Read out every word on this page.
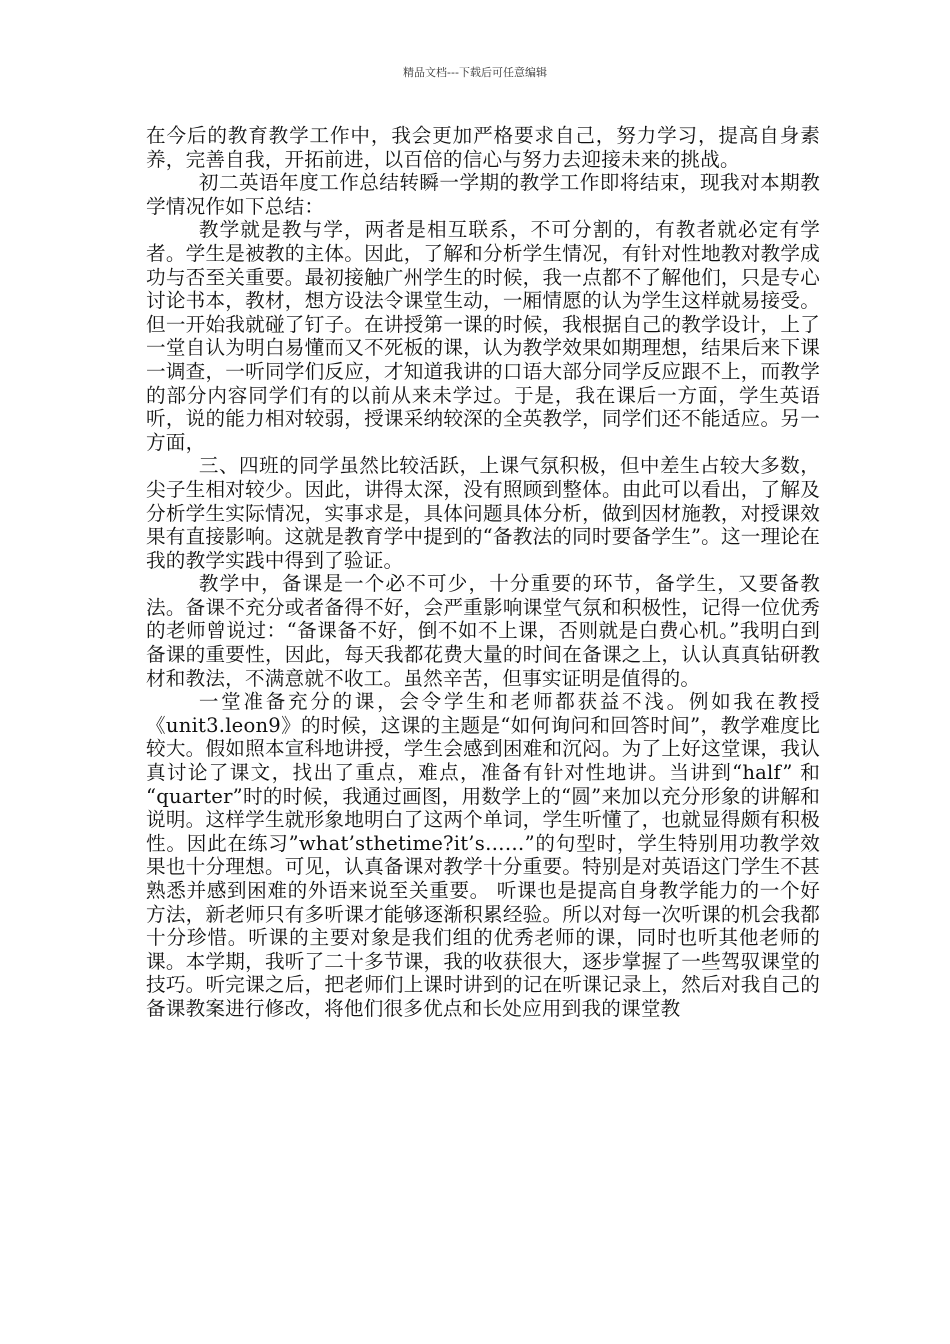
精品文档---下载后可任意编辑

在今后的教育教学工作中，我会更加严格要求自己，努力学习，提高自身素养，完善自我，开拓前进，以百倍的信心与努力去迎接未来的挑战。

初二英语年度工作总结转瞬一学期的教学工作即将结束，现我对本期教学情况作如下总结：

教学就是教与学，两者是相互联系，不可分割的，有教者就必定有学者。学生是被教的主体。因此，了解和分析学生情况，有针对性地教对教学成功与否至关重要。最初接触广州学生的时候，我一点都不了解他们，只是专心讨论书本，教材，想方设法令课堂生动，一厢情愿的认为学生这样就易接受。但一开始我就碰了钉子。在讲授第一课的时候，我根据自己的教学设计，上了一堂自认为明白易懂而又不死板的课，认为教学效果如期理想，结果后来下课一调查，一听同学们反应，才知道我讲的口语大部分同学反应跟不上，而教学的部分内容同学们有的以前从来未学过。于是，我在课后一方面，学生英语听，说的能力相对较弱，授课采纳较深的全英教学，同学们还不能适应。另一方面，

三、四班的同学虽然比较活跃，上课气氛积极，但中差生占较大多数，尖子生相对较少。因此，讲得太深，没有照顾到整体。由此可以看出，了解及分析学生实际情况，实事求是，具体问题具体分析，做到因材施教，对授课效果有直接影响。这就是教育学中提到的“备教法的同时要备学生”。这一理论在我的教学实践中得到了验证。

教学中，备课是一个必不可少，十分重要的环节，备学生，又要备教法。备课不充分或者备得不好，会严重影响课堂气氛和积极性，记得一位优秀的老师曾说过：“备课备不好，倒不如不上课，否则就是白费心机。”我明白到备课的重要性，因此，每天我都花费大量的时间在备课之上，认认真真钻研教材和教法，不满意就不收工。虽然辛苦，但事实证明是值得的。

一堂准备充分的课，会令学生和老师都获益不浅。例如我在教授《unit3.leon9》的时候，这课的主题是“如何询问和回答时间”，教学难度比较大。假如照本宣科地讲授，学生会感到困难和沉闷。为了上好这堂课，我认真讨论了课文，找出了重点，难点，准备有针对性地讲。当讲到“half” 和 “quarter”时的时候，我通过画图，用数学上的“圆”来加以充分形象的讲解和说明。这样学生就形象地明白了这两个单词，学生听懂了，也就显得颇有积极性。因此在练习”what’sthetime?it’s……”的句型时，学生特别用功教学效果也十分理想。可见，认真备课对教学十分重要。特别是对英语这门学生不甚熟悉并感到困难的外语来说至关重要。 听课也是提高自身教学能力的一个好方法，新老师只有多听课才能够逐渐积累经验。所以对每一次听课的机会我都十分珍惜。听课的主要对象是我们组的优秀老师的课，同时也听其他老师的课。本学期，我听了二十多节课，我的收获很大，逐步掌握了一些驾驭课堂的技巧。听完课之后，把老师们上课时讲到的记在听课记录上，然后对我自己的备课教案进行修改，将他们很多优点和长处应用到我的课堂教
